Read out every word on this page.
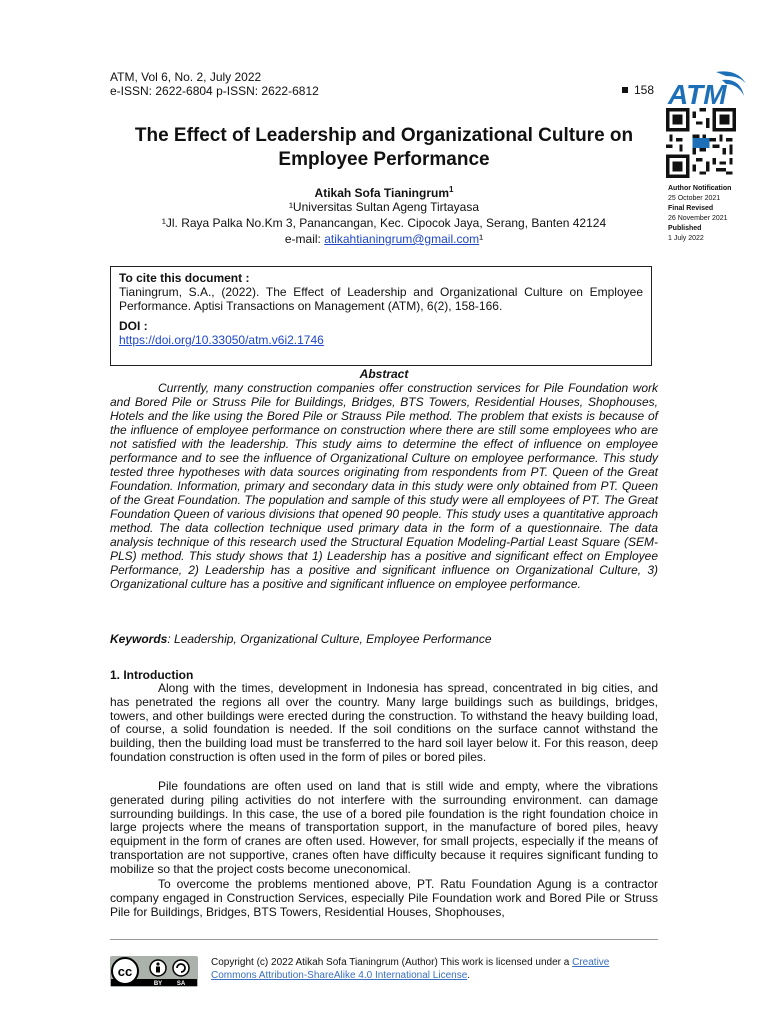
ATM, Vol 6, No. 2, July 2022
e-ISSN: 2622-6804 p-ISSN: 2622-6812	158 ATM
Author Notification
25 October 2021
Final Revised
26 November 2021
Published
1 July 2022
The Effect of Leadership and Organizational Culture on
Employee Performance
Atikah Sofa Tianingrum$^1$
¹Universitas Sultan Ageng Tirtayasa
¹Jl. Raya Palka No.Km 3, Panancangan, Kec. Cipocok Jaya, Serang, Banten 42124
e-mail: atikahtianingrum@gmail.com¹
To cite this document :
Tianingrum, S.A., (2022). The Effect of Leadership and Organizational Culture on Employee Performance. Aptisi Transactions on Management (ATM), 6(2), 158-166.
DOI :
https://doi.org/10.33050/atm.v6i2.1746
Abstract
Currently, many construction companies offer construction services for Pile Foundation work and Bored Pile or Struss Pile for Buildings, Bridges, BTS Towers, Residential Houses, Shophouses, Hotels and the like using the Bored Pile or Strauss Pile method. The problem that exists is because of the influence of employee performance on construction where there are still some employees who are not satisfied with the leadership. This study aims to determine the effect of influence on employee performance and to see the influence of Organizational Culture on employee performance. This study tested three hypotheses with data sources originating from respondents from PT. Queen of the Great Foundation. Information, primary and secondary data in this study were only obtained from PT. Queen of the Great Foundation. The population and sample of this study were all employees of PT. The Great Foundation Queen of various divisions that opened 90 people. This study uses a quantitative approach method. The data collection technique used primary data in the form of a questionnaire. The data analysis technique of this research used the Structural Equation Modeling-Partial Least Square (SEM-PLS) method. This study shows that 1) Leadership has a positive and significant effect on Employee Performance, 2) Leadership has a positive and significant influence on Organizational Culture, 3) Organizational culture has a positive and significant influence on employee performance.
Keywords: Leadership, Organizational Culture, Employee Performance
1. Introduction
Along with the times, development in Indonesia has spread, concentrated in big cities, and has penetrated the regions all over the country. Many large buildings such as buildings, bridges, towers, and other buildings were erected during the construction. To withstand the heavy building load, of course, a solid foundation is needed. If the soil conditions on the surface cannot withstand the building, then the building load must be transferred to the hard soil layer below it. For this reason, deep foundation construction is often used in the form of piles or bored piles.
Pile foundations are often used on land that is still wide and empty, where the vibrations generated during piling activities do not interfere with the surrounding environment. can damage surrounding buildings. In this case, the use of a bored pile foundation is the right foundation choice in large projects where the means of transportation support, in the manufacture of bored piles, heavy equipment in the form of cranes are often used. However, for small projects, especially if the means of transportation are not supportive, cranes often have difficulty because it requires significant funding to mobilize so that the project costs become uneconomical.
To overcome the problems mentioned above, PT. Ratu Foundation Agung is a contractor company engaged in Construction Services, especially Pile Foundation work and Bored Pile or Struss Pile for Buildings, Bridges, BTS Towers, Residential Houses, Shophouses,
cc
BY SA
Copyright (c) 2022 Atikah Sofa Tianingrum (Author) This work is licensed under a Creative Commons Attribution-ShareAlike 4.0 International License.
